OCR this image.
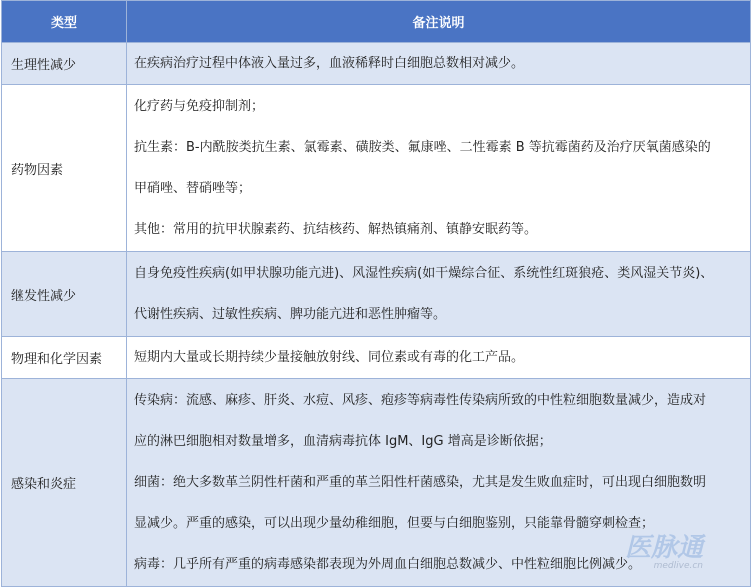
类型	备注说明
生理性减少	在疾病治疗过程中体液入量过多，血液稀释时白细胞总数相对减少。

药物因素	化疗药与免疫抑制剂；
抗生素：B-内酰胺类抗生素、氯霉素、磺胺类、氟康唑、二性霉素 B 等抗霉菌药及治疗厌氧菌感染的
甲硝唑、替硝唑等；
其他：常用的抗甲状腺素药、抗结核药、解热镇痛剂、镇静安眠药等。

继发性减少	自身免疫性疾病(如甲状腺功能亢进)、风湿性疾病(如干燥综合征、系统性红斑狼疮、类风湿关节炎)、
代谢性疾病、过敏性疾病、脾功能亢进和恶性肿瘤等。

物理和化学因素	短期内大量或长期持续少量接触放射线、同位素或有毒的化工产品。

感染和炎症	传染病：流感、麻疹、肝炎、水痘、风疹、疱疹等病毒性传染病所致的中性粒细胞数量减少，造成对
应的淋巴细胞相对数量增多，血清病毒抗体 IgM、IgG 增高是诊断依据；
细菌：绝大多数革兰阴性杆菌和严重的革兰阳性杆菌感染，尤其是发生败血症时，可出现白细胞数明
显减少。严重的感染，可以出现少量幼稚细胞，但要与白细胞鉴别，只能靠骨髓穿刺检查；
病毒：几乎所有严重的病毒感染都表现为外周血白细胞总数减少、中性粒细胞比例减少。
医脉通
medlive.cn
